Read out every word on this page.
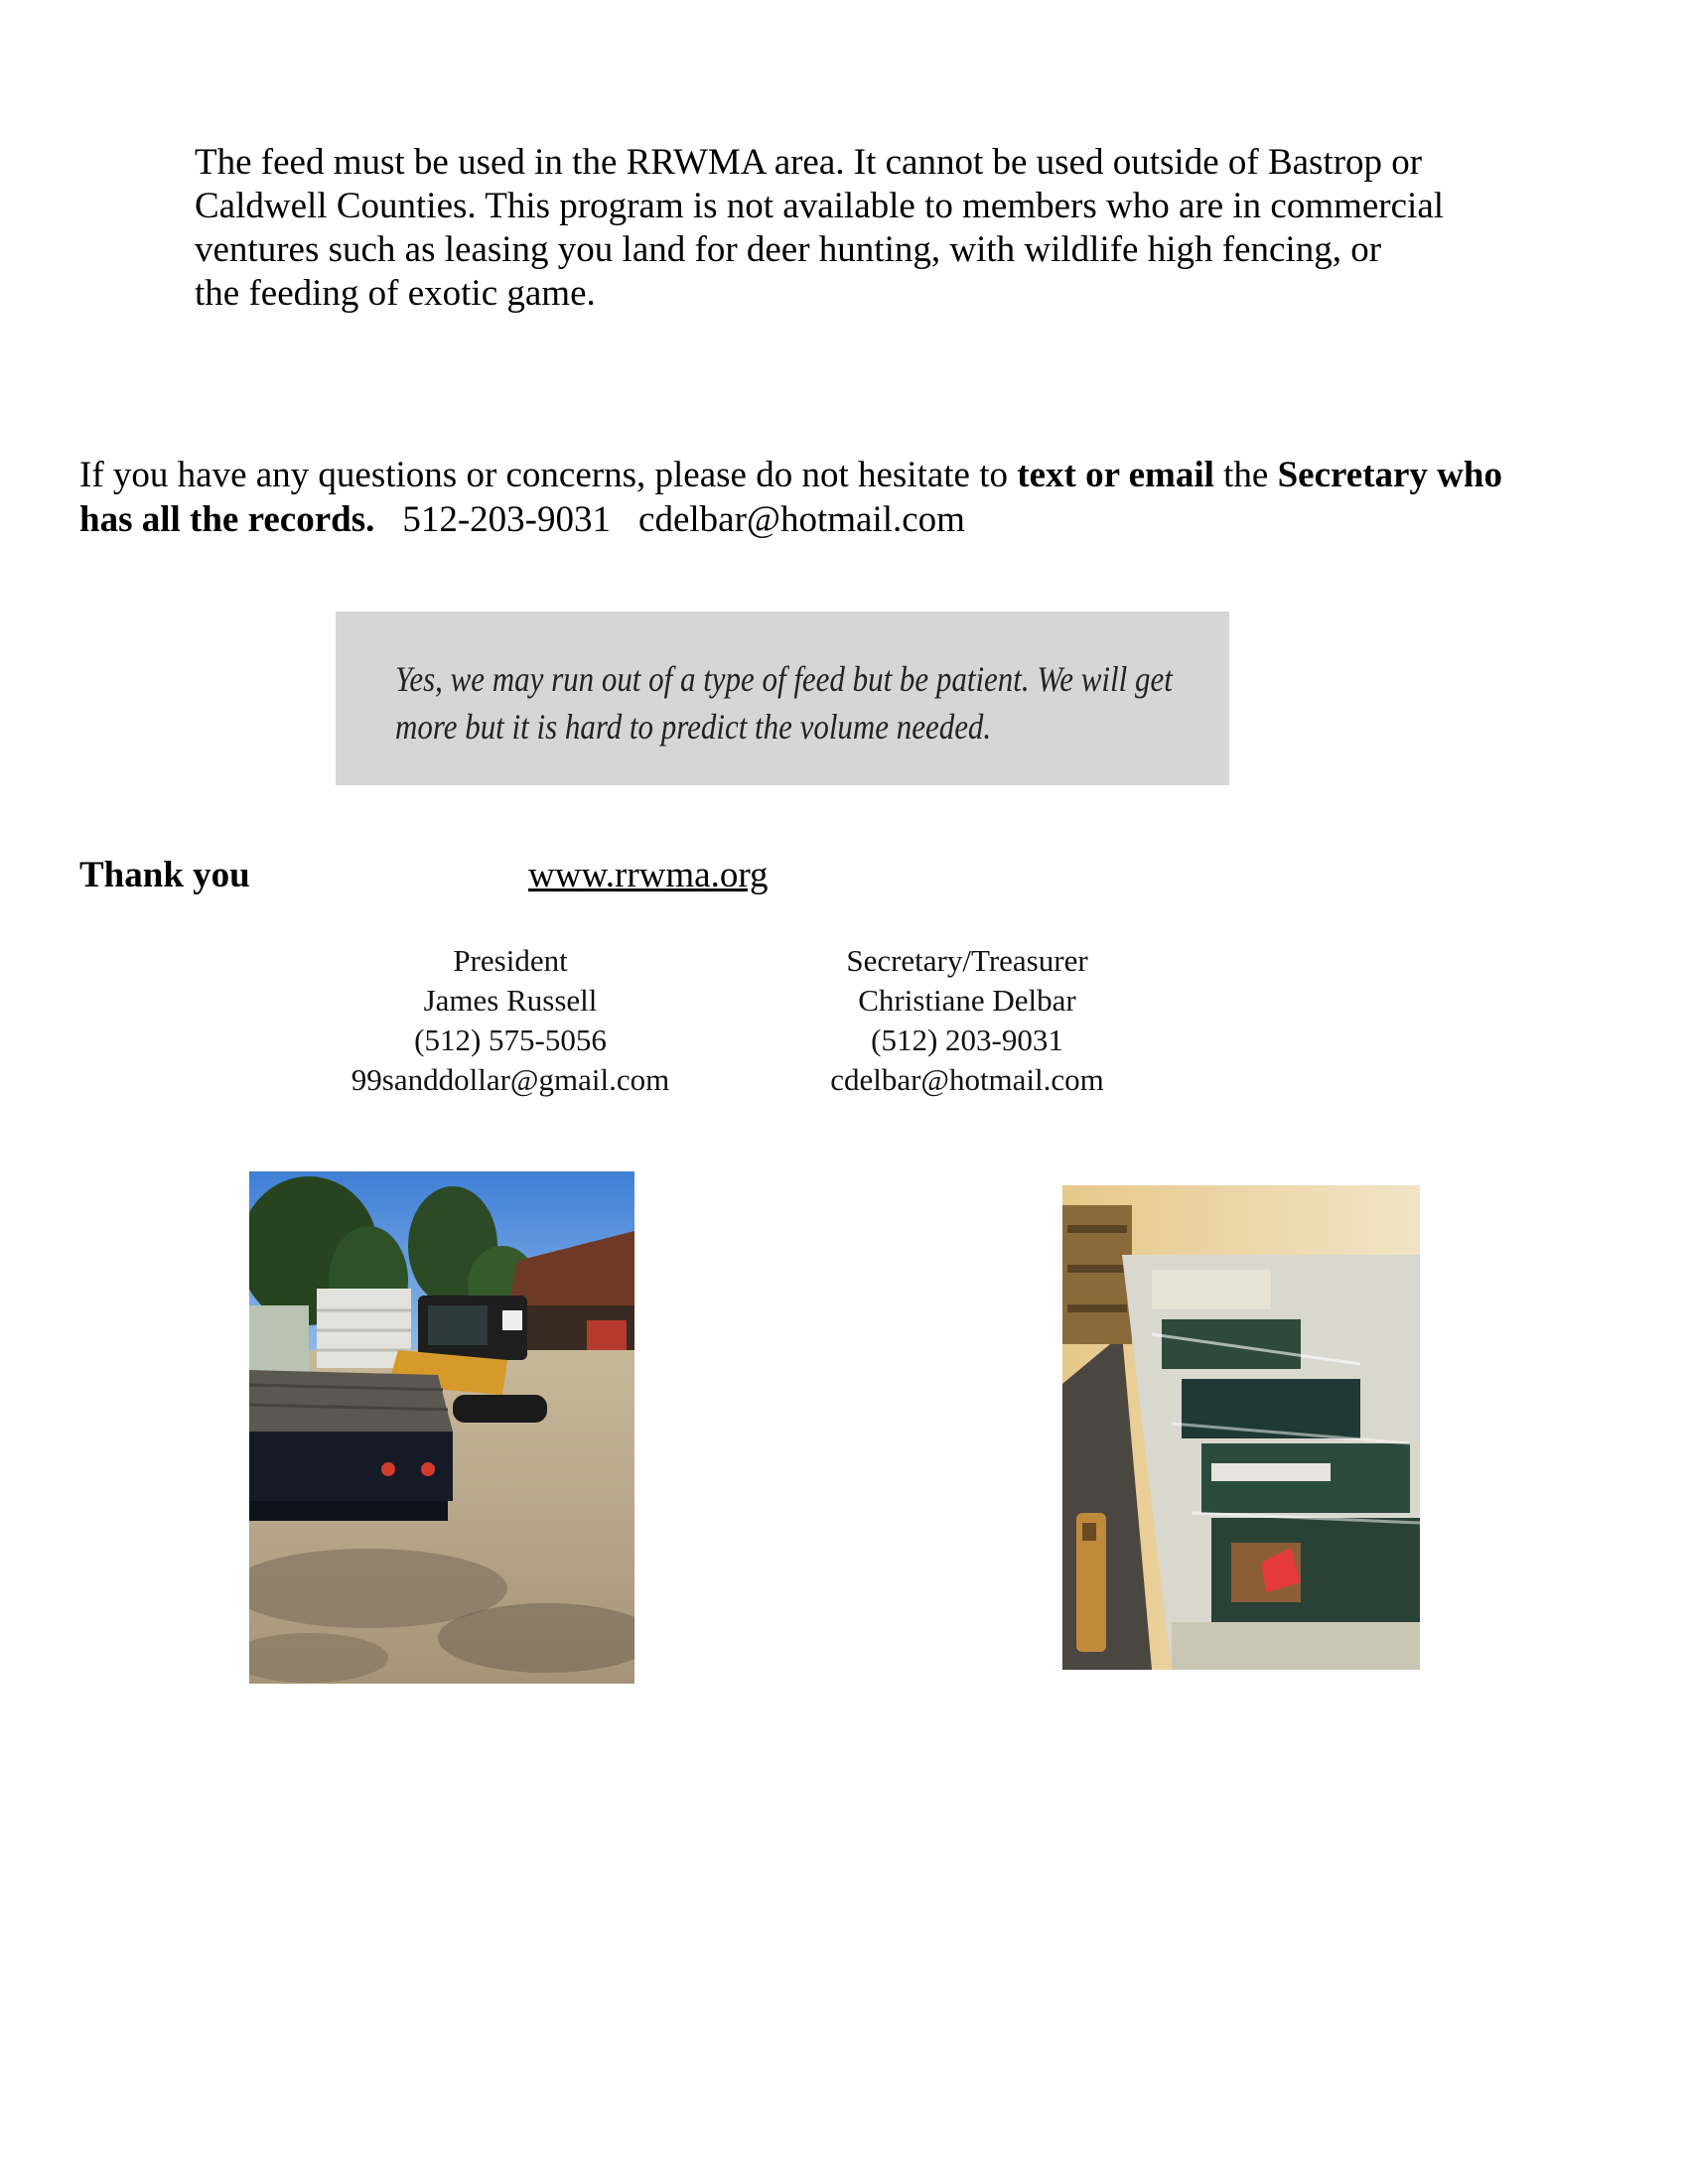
The feed must be used in the RRWMA area. It cannot be used outside of Bastrop or
Caldwell Counties. This program is not available to members who are in commercial
ventures such as leasing you land for deer hunting, with wildlife high fencing, or
the feeding of exotic game.
If you have any questions or concerns, please do not hesitate to text or email the Secretary who
has all the records. 512-203-9031 cdelbar@hotmail.com
Yes, we may run out of a type of feed but be patient. We will get
more but it is hard to predict the volume needed.
Thank you	www.rrwma.org
President
James Russell
(512) 575-5056
99sanddollar@gmail.com
Secretary/Treasurer
Christiane Delbar
(512) 203-9031
cdelbar@hotmail.com
